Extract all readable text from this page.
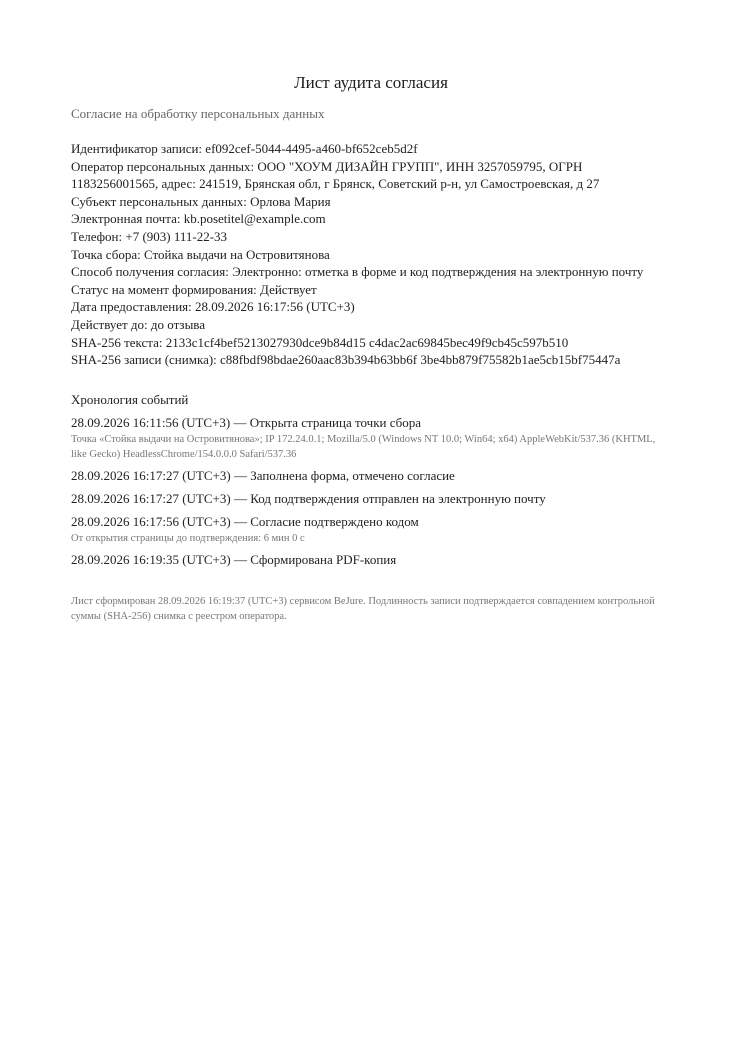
Лист аудита согласия
Согласие на обработку персональных данных
Идентификатор записи: ef092cef-5044-4495-a460-bf652ceb5d2f
Оператор персональных данных: ООО "ХОУМ ДИЗАЙН ГРУПП", ИНН 3257059795, ОГРН 1183256001565, адрес: 241519, Брянская обл, г Брянск, Советский р-н, ул Самостроевская, д 27
Субъект персональных данных: Орлова Мария
Электронная почта: kb.posetitel@example.com
Телефон: +7 (903) 111-22-33
Точка сбора: Стойка выдачи на Островитянова
Способ получения согласия: Электронно: отметка в форме и код подтверждения на электронную почту
Статус на момент формирования: Действует
Дата предоставления: 28.09.2026 16:17:56 (UTC+3)
Действует до: до отзыва
SHA-256 текста: 2133c1cf4bef5213027930dce9b84d15 c4dac2ac69845bec49f9cb45c597b510
SHA-256 записи (снимка): c88fbdf98bdae260aac83b394b63bb6f 3be4bb879f75582b1ae5cb15bf75447a
Хронология событий
28.09.2026 16:11:56 (UTC+3) — Открыта страница точки сбора
Точка «Стойка выдачи на Островитянова»; IP 172.24.0.1; Mozilla/5.0 (Windows NT 10.0; Win64; x64) AppleWebKit/537.36 (KHTML, like Gecko) HeadlessChrome/154.0.0.0 Safari/537.36
28.09.2026 16:17:27 (UTC+3) — Заполнена форма, отмечено согласие
28.09.2026 16:17:27 (UTC+3) — Код подтверждения отправлен на электронную почту
28.09.2026 16:17:56 (UTC+3) — Согласие подтверждено кодом
От открытия страницы до подтверждения: 6 мин 0 с
28.09.2026 16:19:35 (UTC+3) — Сформирована PDF-копия
Лист сформирован 28.09.2026 16:19:37 (UTC+3) сервисом BeJure. Подлинность записи подтверждается совпадением контрольной суммы (SHA-256) снимка с реестром оператора.
